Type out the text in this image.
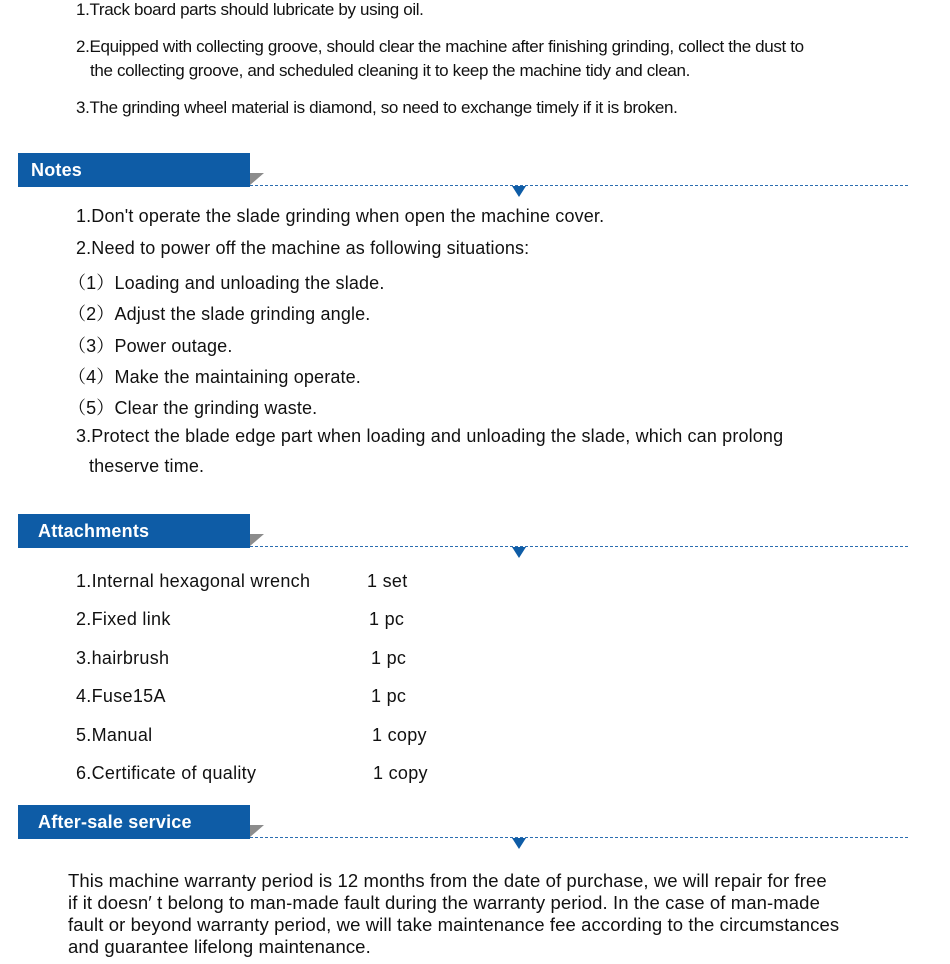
1.Track board parts should lubricate by using oil.
2.Equipped with collecting groove, should clear the machine after finishing grinding, collect the dust to
the collecting groove, and scheduled cleaning it to keep the machine tidy and clean.
3.The grinding wheel material is diamond, so need to exchange timely if it is broken.
Notes
1.Don't operate the slade grinding when open the machine cover.
2.Need to power off the machine as following situations:
（1）Loading and unloading the slade.
（2）Adjust the slade grinding angle.
（3）Power outage.
（4）Make the maintaining operate.
（5）Clear the grinding waste.
3.Protect the blade edge part when loading and unloading the slade, which can prolong
theserve time.
Attachments
1.Internal hexagonal wrench	1 set
2.Fixed link	1 pc
3.hairbrush	1 pc
4.Fuse15A	1 pc
5.Manual	1 copy
6.Certificate of quality	1 copy
After-sale service
This machine warranty period is 12 months from the date of purchase, we will repair for free
if it doesn′ t belong to man-made fault during the warranty period. In the case of man-made
fault or beyond warranty period, we will take maintenance fee according to the circumstances
and guarantee lifelong maintenance.
